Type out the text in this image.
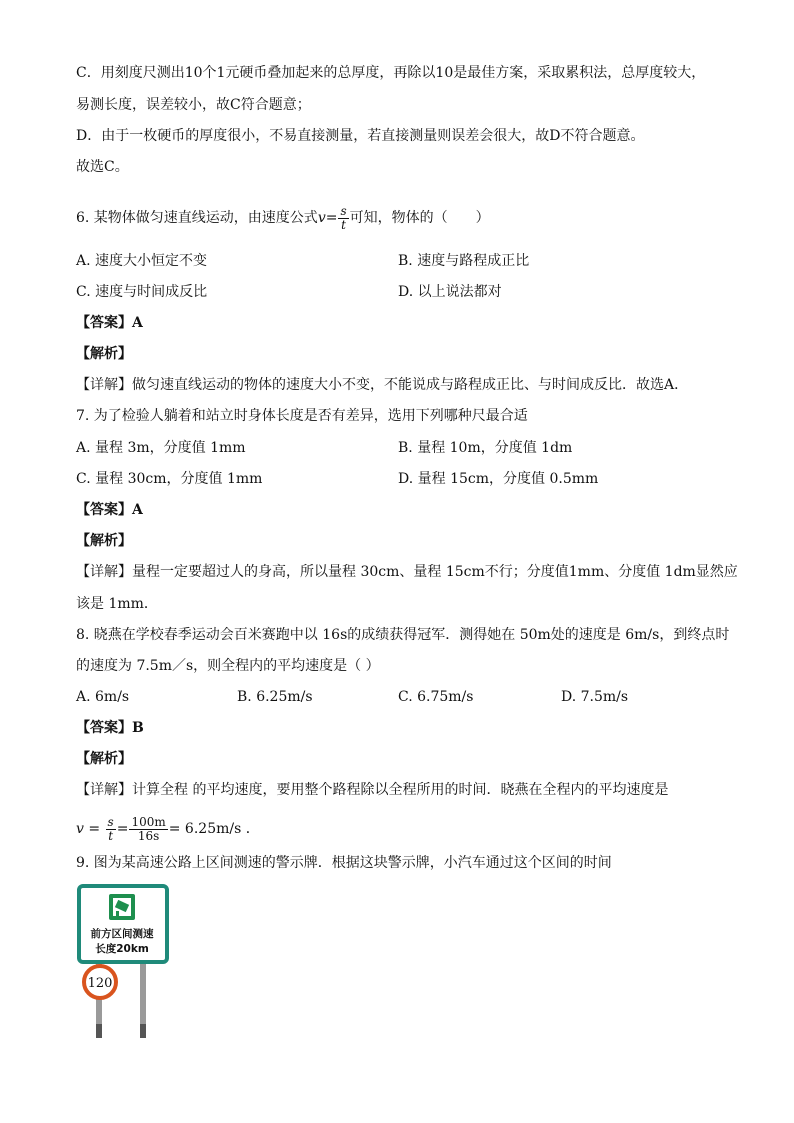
C．用刻度尺测出10个1元硬币叠加起来的总厚度，再除以10是最佳方案，采取累积法，总厚度较大，
易测长度，误差较小，故C符合题意；
D．由于一枚硬币的厚度很小，不易直接测量，若直接测量则误差会很大，故D不符合题意。
故选C。
6. 某物体做匀速直线运动，由速度公式$v= \frac{s}{t}$ 可知，物体的（　　）
A. 速度大小恒定不变	B. 速度与路程成正比
C. 速度与时间成反比	D. 以上说法都对
【答案】A
【解析】
【详解】做匀速直线运动的物体的速度大小不变，不能说成与路程成正比、与时间成反比．故选A．
7. 为了检验人躺着和站立时身体长度是否有差异，选用下列哪种尺最合适
A. 量程 3m，分度值 1mm	B. 量程 10m，分度值 1dm
C. 量程 30cm，分度值 1mm	D. 量程 15cm，分度值 0.5mm
【答案】A
【解析】
【详解】量程一定要超过人的身高，所以量程 30cm、量程 15cm不行；分度值1mm、分度值 1dm显然应
该是 1mm．
8. 晓燕在学校春季运动会百米赛跑中以 16s的成绩获得冠军．测得她在 50m处的速度是 6m/s，到终点时
的速度为 7.5m／s，则全程内的平均速度是（ ）
A. 6m/s	B. 6.25m/s	C. 6.75m/s	D. 7.5m/s
【答案】B
【解析】
【详解】计算全程 的平均速度，要用整个路程除以全程所用的时间．晓燕在全程内的平均速度是
$v = \frac{s}{t} = \frac{100m}{16s} = 6.25m/s$ ．
9. 图为某高速公路上区间测速的警示牌．根据这块警示牌，小汽车通过这个区间的时间
前方区间测速
长度20km
120
